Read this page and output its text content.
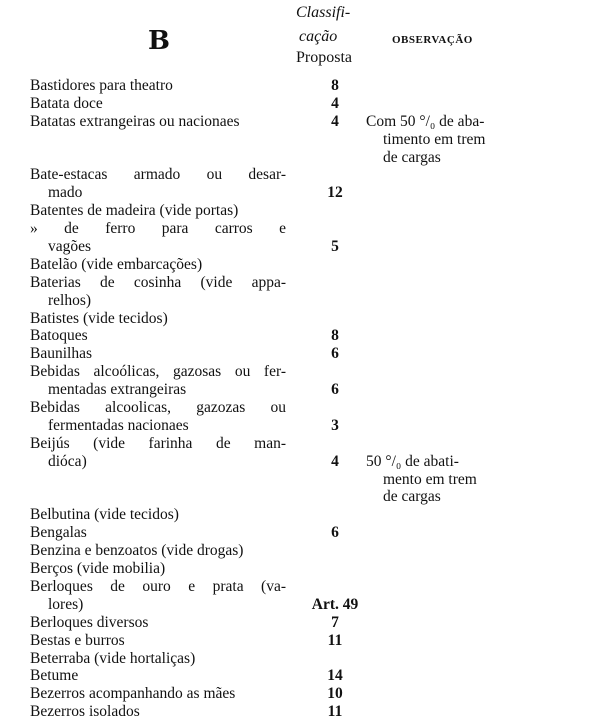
B
Classifi-
cação
Proposta
OBSERVAÇÃO
Bastidores para theatro	8
Batata doce	4
Batatas extrangeiras ou nacionaes	4	Com 50 °/₀ de aba-
timento em trem
de cargas
Bate-estacas armado ou desar-
mado	12
Batentes de madeira (vide portas)
» de ferro para carros e
vagões	5
Batelão (vide embarcações)
Baterias de cosinha (vide appa-
relhos)
Batistes (vide tecidos)
Batoques	8
Baunilhas	6
Bebidas alcoólicas, gazosas ou fer-
mentadas extrangeiras	6
Bebidas alcoolicas, gazozas ou
fermentadas nacionaes	3
Beijús (vide farinha de man-
dióca)	4	50 °/₀ de abati-
mento em trem
de cargas
Belbutina (vide tecidos)
Bengalas	6
Benzina e benzoatos (vide drogas)
Berços (vide mobilia)
Berloques de ouro e prata (va-
lores)	Art. 49
Berloques diversos	7
Bestas e burros	11
Beterraba (vide hortaliças)
Betume	14
Bezerros acompanhando as mães	10
Bezerros isolados	11
